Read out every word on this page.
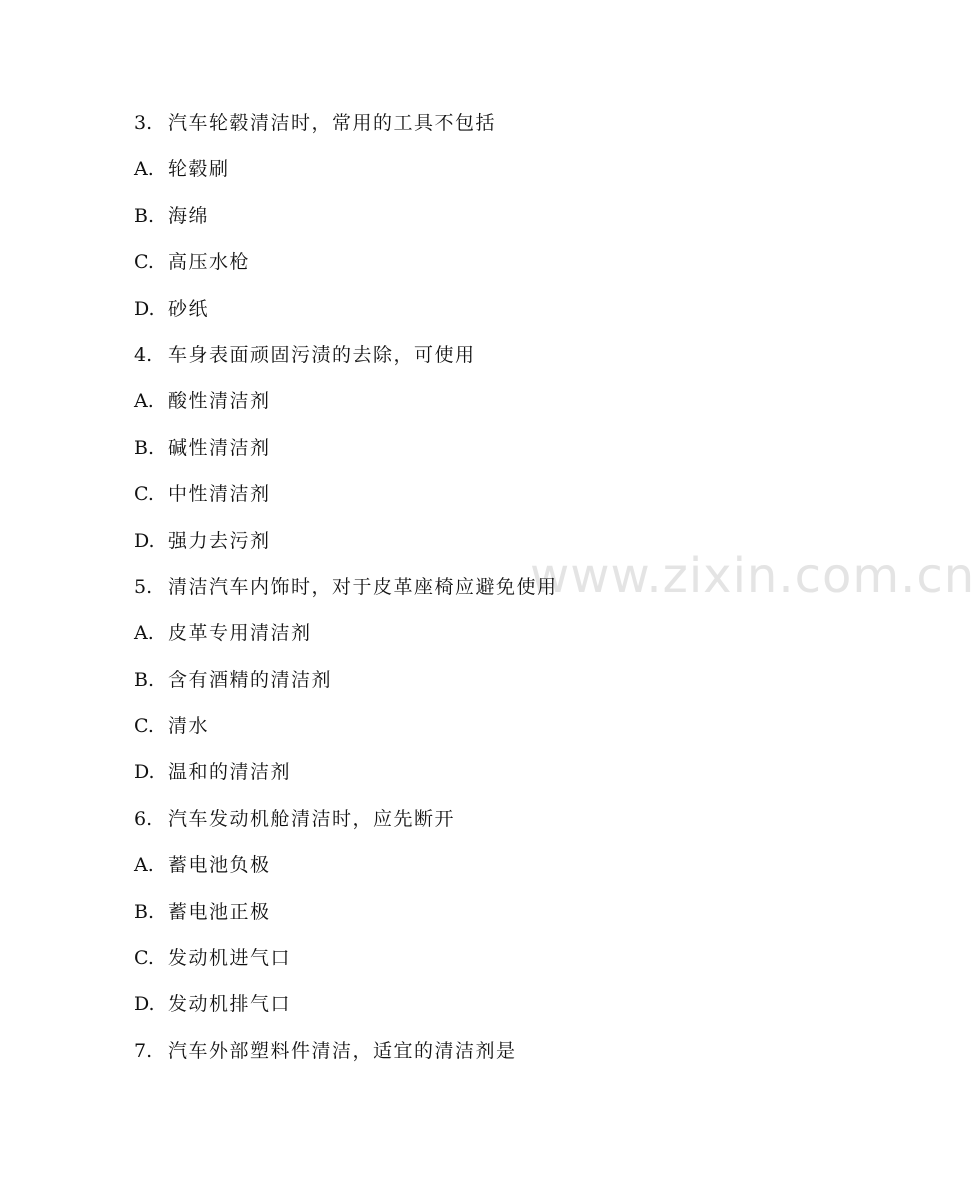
www.zixin.com.cn
3. 汽车轮毂清洁时，常用的工具不包括
A. 轮毂刷
B. 海绵
C. 高压水枪
D. 砂纸
4. 车身表面顽固污渍的去除，可使用
A. 酸性清洁剂
B. 碱性清洁剂
C. 中性清洁剂
D. 强力去污剂
5. 清洁汽车内饰时，对于皮革座椅应避免使用
A. 皮革专用清洁剂
B. 含有酒精的清洁剂
C. 清水
D. 温和的清洁剂
6. 汽车发动机舱清洁时，应先断开
A. 蓄电池负极
B. 蓄电池正极
C. 发动机进气口
D. 发动机排气口
7. 汽车外部塑料件清洁，适宜的清洁剂是
